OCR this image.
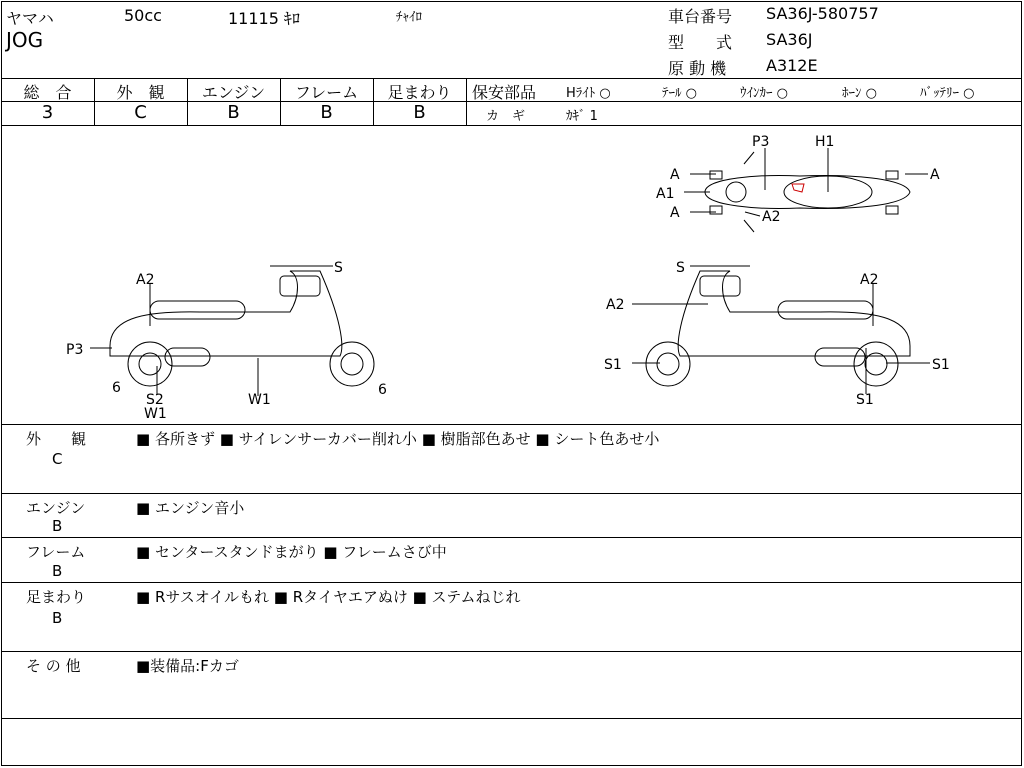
ヤマハ	50cc	11115 ｷﾛ	ﾁｬｲﾛ
JOG
車台番号 SA36J-580757
型　　式 SA36J
原 動 機 A312E
総　合	外　観	エンジン	フレーム	足まわり
3	C	B	B	B
保安部品 Hﾗｲﾄ ○	ﾃｰﾙ ○	ｳｲﾝｶｰ ○	ﾎｰﾝ ○	ﾊﾞｯﾃﾘｰ ○
カ　ギ	ｶｷﾞ 1
P3	H1
A
A1
A	A2
A
S
A2
P3
6
S2
W1
W1
6
S
A2
A2
S1	S1
S1
外　　観
C
■ 各所きず ■ サイレンサーカバー削れ小 ■ 樹脂部色あせ ■ シート色あせ小
エンジン
B
■ エンジン音小
フレーム
B
■ センタースタンドまがり ■ フレームさび中
足まわり
B
■ Rサスオイルもれ ■ Rタイヤエアぬけ ■ ステムねじれ
そ の 他	■装備品:Fカゴ
